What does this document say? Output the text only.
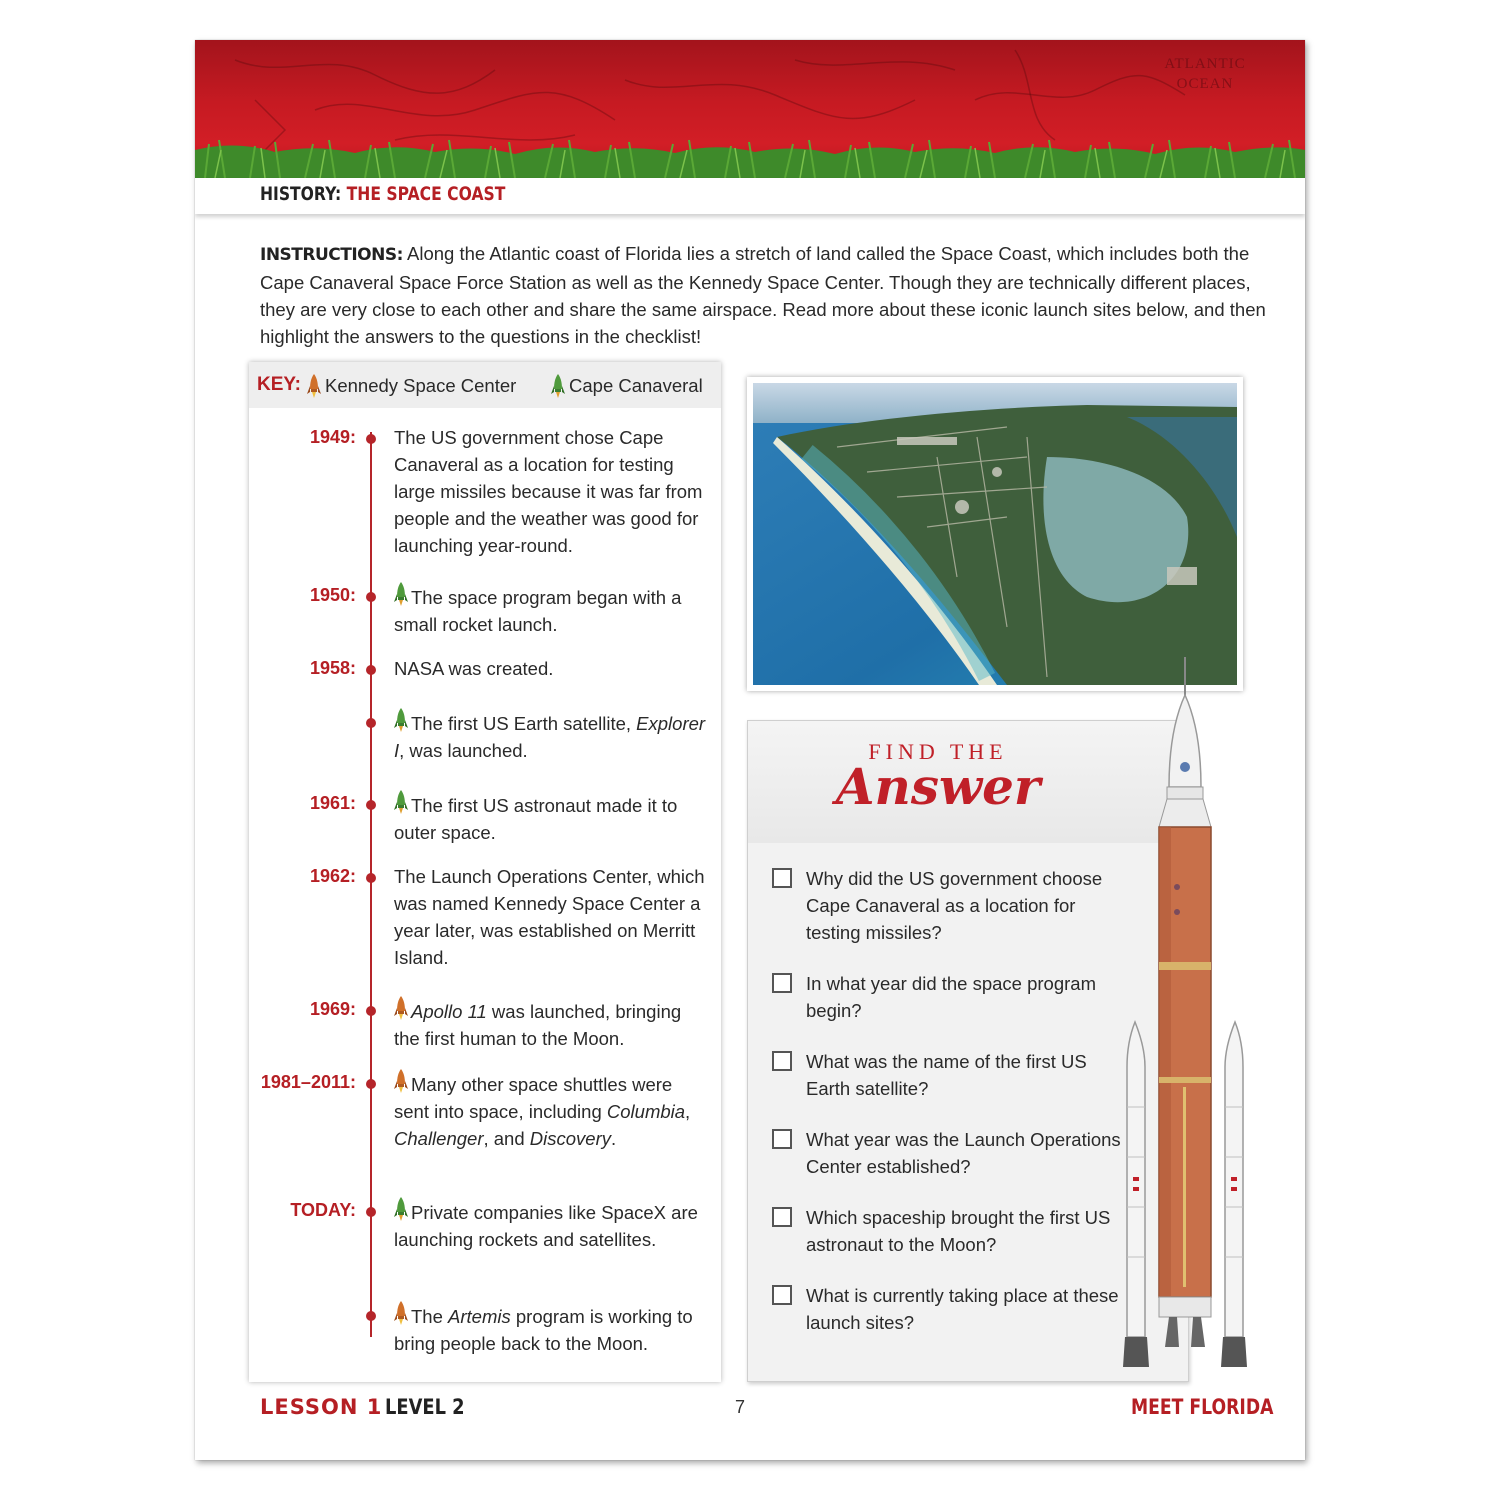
ATLANTIC OCEAN
HISTORY: THE SPACE COAST
INSTRUCTIONS: Along the Atlantic coast of Florida lies a stretch of land called the Space Coast, which includes both the Cape Canaveral Space Force Station as well as the Kennedy Space Center. Though they are technically different places, they are very close to each other and share the same airspace. Read more about these iconic launch sites below, and then highlight the answers to the questions in the checklist!
KEY: Kennedy Space Center	Cape Canaveral
1949: The US government chose Cape Canaveral as a location for testing large missiles because it was far from people and the weather was good for launching year-round.
1950:	The space program began with a small rocket launch.
1958: NASA was created.
The first US Earth satellite, Explorer I, was launched.
1961:	The first US astronaut made it to outer space.
1962: The Launch Operations Center, which was named Kennedy Space Center a year later, was established on Merritt Island.
1969:	Apollo 11 was launched, bringing the first human to the Moon.
1981–2011:	Many other space shuttles were sent into space, including Columbia, Challenger, and Discovery.
TODAY:	Private companies like SpaceX are launching rockets and satellites.
The Artemis program is working to bring people back to the Moon.
FIND THE
Answer
Why did the US government choose Cape Canaveral as a location for testing missiles?
In what year did the space program begin?
What was the name of the first US Earth satellite?
What year was the Launch Operations Center established?
Which spaceship brought the first US astronaut to the Moon?
What is currently taking place at these launch sites?
LESSON 1 LEVEL 2	7	MEET FLORIDA
